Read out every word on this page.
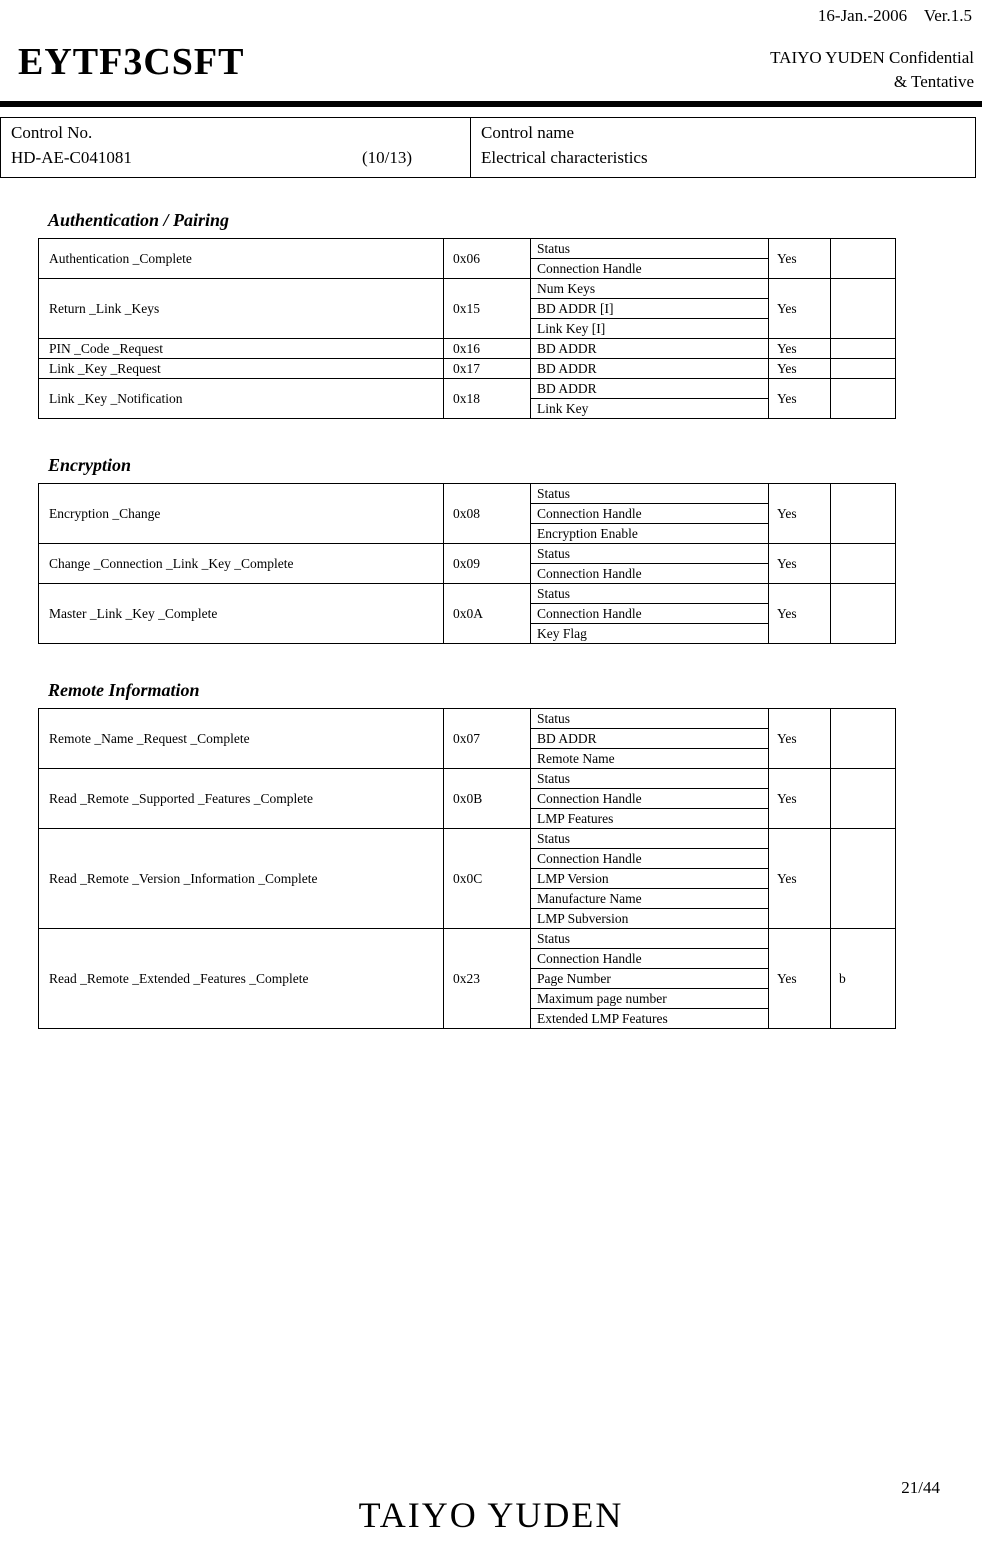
16-Jan.-2006    Ver.1.5
EYTF3CSFT	TAIYO YUDEN Confidential
& Tentative
Control No.
HD-AE-C041081	(10/13)

Control name
Electrical characteristics
Authentication / Pairing
Authentication _Complete	0x06	Status	Yes	
		Connection Handle		
Return _Link _Keys	0x15	Num Keys	Yes	
		BD ADDR [I]		
		Link Key [I]		
PIN _Code _Request	0x16	BD ADDR	Yes	
Link _Key _Request	0x17	BD ADDR	Yes	
Link _Key _Notification	0x18	BD ADDR	Yes	
		Link Key		
Encryption
Encryption _Change	0x08	Status	Yes	
		Connection Handle		
		Encryption Enable		
Change _Connection _Link _Key _Complete	0x09	Status	Yes	
		Connection Handle		
Master _Link _Key _Complete	0x0A	Status	Yes	
		Connection Handle		
		Key Flag		
Remote Information
Remote _Name _Request _Complete	0x07	Status	Yes	
		BD ADDR		
		Remote Name		
Read _Remote _Supported _Features _Complete	0x0B	Status	Yes	
		Connection Handle		
		LMP Features		
Read _Remote _Version _Information _Complete	0x0C	Status	Yes	
		Connection Handle		
		LMP Version		
		Manufacture Name		
		LMP Subversion		
Read _Remote _Extended _Features _Complete	0x23	Status	Yes	b
		Connection Handle		
		Page Number		
		Maximum page number		
		Extended LMP Features		
21/44
TAIYO YUDEN
